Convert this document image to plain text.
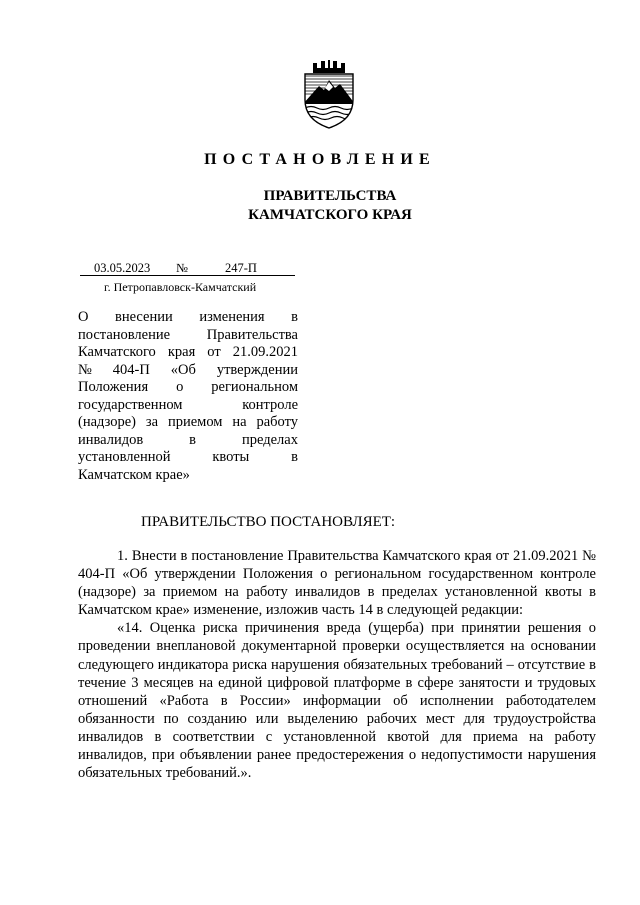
ПОСТАНОВЛЕНИЕ
ПРАВИТЕЛЬСТВА
КАМЧАТСКОГО КРАЯ
03.05.2023 №	247-П
г. Петропавловск-Камчатский
О внесении изменения в
постановление	Правительства
Камчатского края от 21.09.2021
№ 404-П «Об утверждении
Положения о региональном
государственном	контроле
(надзоре) за приемом на работу
инвалидов	в	пределах
установленной	квоты	в
Камчатском крае»
ПРАВИТЕЛЬСТВО ПОСТАНОВЛЯЕТ:

1. Внести в постановление Правительства Камчатского края от 21.09.2021 № 404-П «Об утверждении Положения о региональном государственном контроле (надзоре) за приемом на работу инвалидов в пределах установленной квоты в Камчатском крае» изменение, изложив часть 14 в следующей редакции:

«14. Оценка риска причинения вреда (ущерба) при принятии решения о проведении внеплановой документарной проверки осуществляется на основании следующего индикатора риска нарушения обязательных требований – отсутствие в течение 3 месяцев на единой цифровой платформе в сфере занятости и трудовых отношений «Работа в России» информации об исполнении работодателем обязанности по созданию или выделению рабочих мест для трудоустройства инвалидов в соответствии с установленной квотой для приема на работу инвалидов, при объявлении ранее предостережения о недопустимости нарушения обязательных требований.».
